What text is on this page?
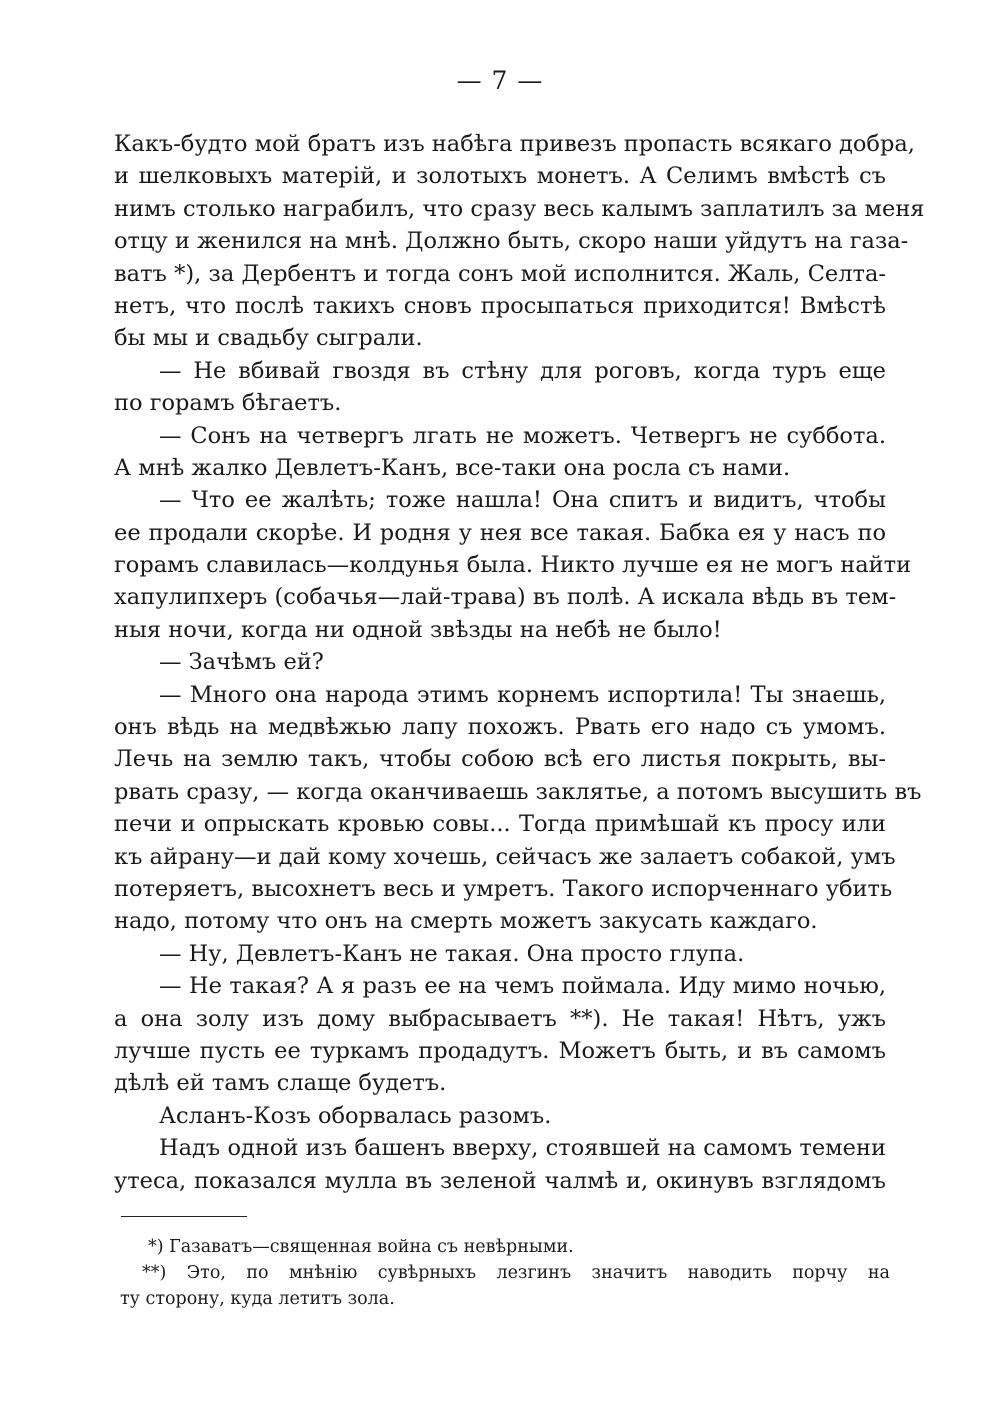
— 7 —
Какъ-будто мой братъ изъ набѣга привезъ пропасть всякаго добра,
и шелковыхъ матерій, и золотыхъ монетъ. А Селимъ вмѣстѣ съ
нимъ столько награбилъ, что сразу весь калымъ заплатилъ за меня
отцу и женился на мнѣ. Должно быть, скоро наши уйдутъ на газа-
ватъ *), за Дербентъ и тогда сонъ мой исполнится. Жаль, Селта-
нетъ, что послѣ такихъ сновъ просыпаться приходится! Вмѣстѣ
бы мы и свадьбу сыграли.
— Не вбивай гвоздя въ стѣну для роговъ, когда туръ еще
по горамъ бѣгаетъ.
— Сонъ на четвергъ лгать не можетъ. Четвергъ не суббота.
А мнѣ жалко Девлетъ-Канъ, все-таки она росла съ нами.
— Что ее жалѣть; тоже нашла! Она спитъ и видитъ, чтобы
ее продали скорѣе. И родня у нея все такая. Бабка ея у насъ по
горамъ славилась—колдунья была. Никто лучше ея не могъ найти
хапулипхеръ (собачья—лай-трава) въ полѣ. А искала вѣдь въ тем-
ныя ночи, когда ни одной звѣзды на небѣ не было!
— Зачѣмъ ей?
— Много она народа этимъ корнемъ испортила! Ты знаешь,
онъ вѣдь на медвѣжью лапу похожъ. Рвать его надо съ умомъ.
Лечь на землю такъ, чтобы собою всѣ его листья покрыть, вы-
рвать сразу, — когда оканчиваешь заклятье, а потомъ высушить въ
печи и опрыскать кровью совы... Тогда примѣшай къ просу или
къ айрану—и дай кому хочешь, сейчасъ же залаетъ собакой, умъ
потеряетъ, высохнетъ весь и умретъ. Такого испорченнаго убить
надо, потому что онъ на смерть можетъ закусать каждаго.
— Ну, Девлетъ-Канъ не такая. Она просто глупа.
— Не такая? А я разъ ее на чемъ поймала. Иду мимо ночью,
а она золу изъ дому выбрасываетъ **). Не такая! Нѣтъ, ужъ
лучше пусть ее туркамъ продадутъ. Можетъ быть, и въ самомъ
дѣлѣ ей тамъ слаще будетъ.
Асланъ-Козъ оборвалась разомъ.
Надъ одной изъ башенъ вверху, стоявшей на самомъ темени
утеса, показался мулла въ зеленой чалмѣ и, окинувъ взглядомъ
*) Газаватъ—священная война съ невѣрными.
**) Это, по мнѣнію сувѣрныхъ лезгинъ значитъ наводить порчу на
ту сторону, куда летитъ зола.
